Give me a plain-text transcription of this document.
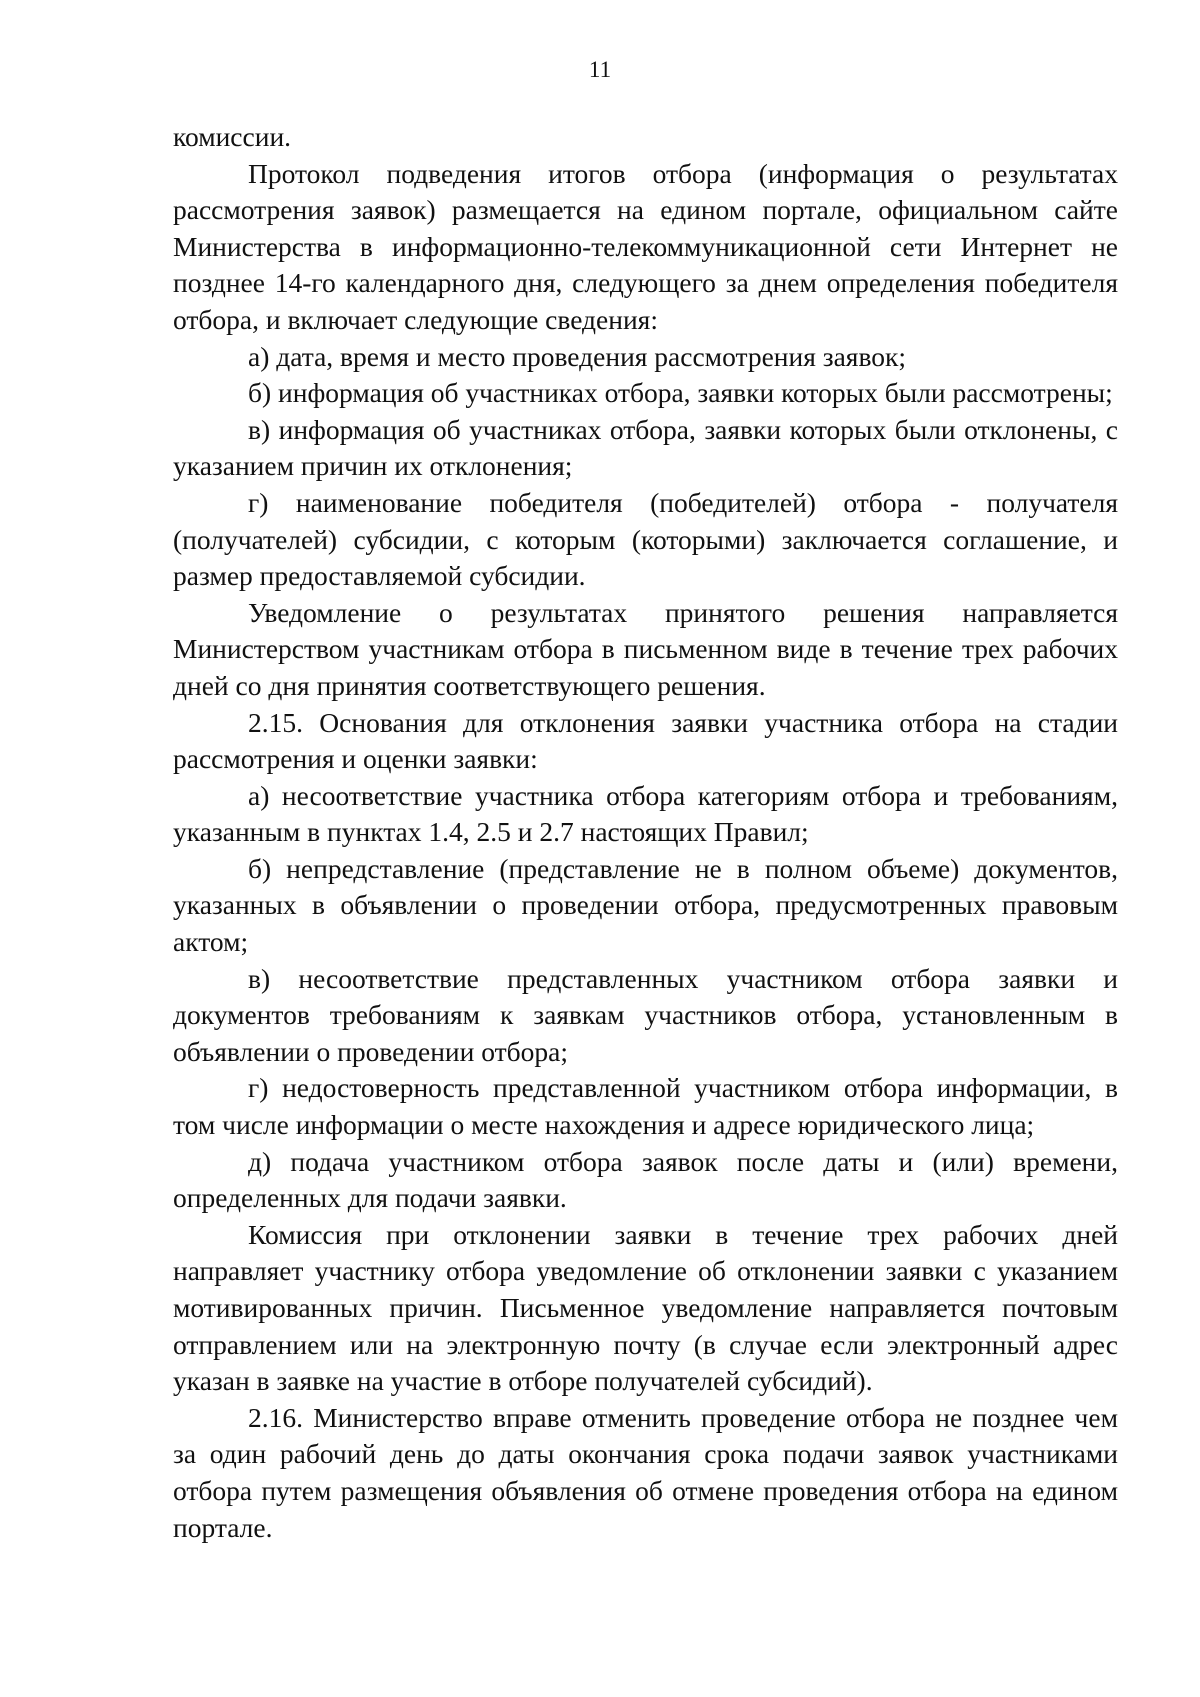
11

комиссии.

Протокол подведения итогов отбора (информация о результатах рассмотрения заявок) размещается на едином портале, официальном сайте Министерства в информационно-телекоммуникационной сети Интернет не позднее 14-го календарного дня, следующего за днем определения победителя отбора, и включает следующие сведения:

а) дата, время и место проведения рассмотрения заявок;

б) информация об участниках отбора, заявки которых были рассмотрены;

в) информация об участниках отбора, заявки которых были отклонены, с указанием причин их отклонения;

г) наименование победителя (победителей) отбора - получателя (получателей) субсидии, с которым (которыми) заключается соглашение, и размер предоставляемой субсидии.

Уведомление о результатах принятого решения направляется Министерством участникам отбора в письменном виде в течение трех рабочих дней со дня принятия соответствующего решения.

2.15. Основания для отклонения заявки участника отбора на стадии рассмотрения и оценки заявки:

а) несоответствие участника отбора категориям отбора и требованиям, указанным в пунктах 1.4, 2.5 и 2.7 настоящих Правил;

б) непредставление (представление не в полном объеме) документов, указанных в объявлении о проведении отбора, предусмотренных правовым актом;

в) несоответствие представленных участником отбора заявки и документов требованиям к заявкам участников отбора, установленным в объявлении о проведении отбора;

г) недостоверность представленной участником отбора информации, в том числе информации о месте нахождения и адресе юридического лица;

д) подача участником отбора заявок после даты и (или) времени, определенных для подачи заявки.

Комиссия при отклонении заявки в течение трех рабочих дней направляет участнику отбора уведомление об отклонении заявки с указанием мотивированных причин. Письменное уведомление направляется почтовым отправлением или на электронную почту (в случае если электронный адрес указан в заявке на участие в отборе получателей субсидий).

2.16. Министерство вправе отменить проведение отбора не позднее чем за один рабочий день до даты окончания срока подачи заявок участниками отбора путем размещения объявления об отмене проведения отбора на едином портале.
